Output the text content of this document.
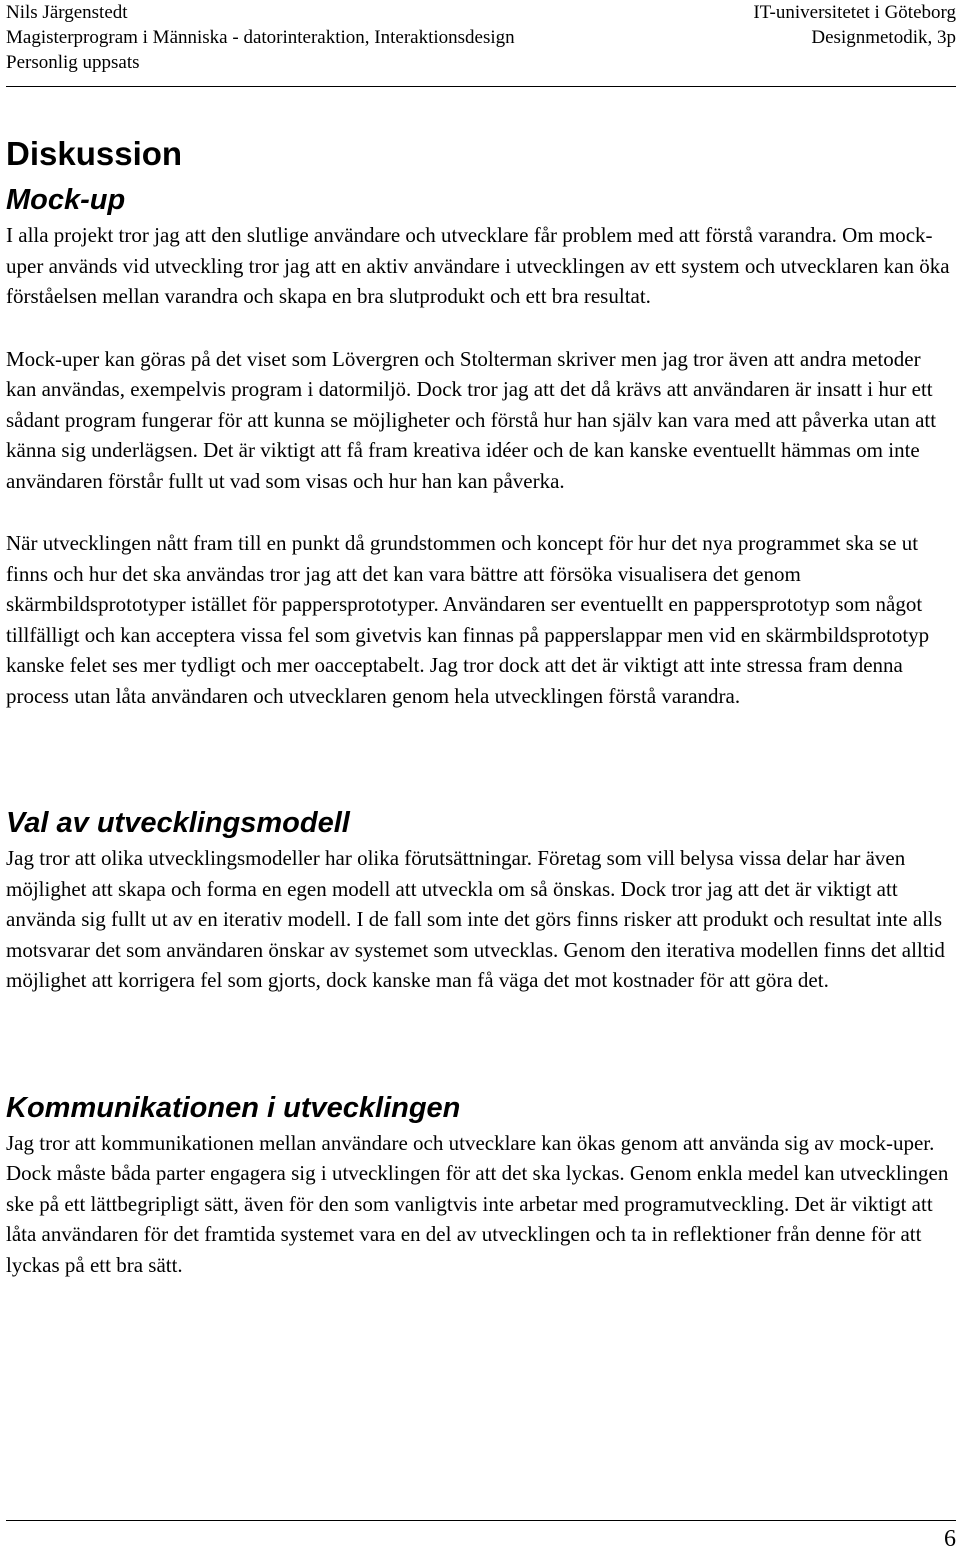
Nils Järgenstedt
Magisterprogram i Människa - datorinteraktion, Interaktionsdesign
Personlig uppsats
IT-universitetet i Göteborg
Designmetodik, 3p
Diskussion
Mock-up

I alla projekt tror jag att den slutlige användare och utvecklare får problem med att förstå varandra. Om mock-uper används vid utveckling tror jag att en aktiv användare i utvecklingen av ett system och utvecklaren kan öka förståelsen mellan varandra och skapa en bra slutprodukt och ett bra resultat.

Mock-uper kan göras på det viset som Lövergren och Stolterman skriver men jag tror även att andra metoder kan användas, exempelvis program i datormiljö. Dock tror jag att det då krävs att användaren är insatt i hur ett sådant program fungerar för att kunna se möjligheter och förstå hur han själv kan vara med att påverka utan att känna sig underlägsen. Det är viktigt att få fram kreativa idéer och de kan kanske eventuellt hämmas om inte användaren förstår fullt ut vad som visas och hur han kan påverka.

När utvecklingen nått fram till en punkt då grundstommen och koncept för hur det nya programmet ska se ut finns och hur det ska användas tror jag att det kan vara bättre att försöka visualisera det genom skärmbildsprototyper istället för pappersprototyper. Användaren ser eventuellt en pappersprototyp som något tillfälligt och kan acceptera vissa fel som givetvis kan finnas på papperslappar men vid en skärmbildsprototyp kanske felet ses mer tydligt och mer oacceptabelt. Jag tror dock att det är viktigt att inte stressa fram denna process utan låta användaren och utvecklaren genom hela utvecklingen förstå varandra.

Val av utvecklingsmodell

Jag tror att olika utvecklingsmodeller har olika förutsättningar. Företag som vill belysa vissa delar har även möjlighet att skapa och forma en egen modell att utveckla om så önskas. Dock tror jag att det är viktigt att använda sig fullt ut av en iterativ modell. I de fall som inte det görs finns risker att produkt och resultat inte alls motsvarar det som användaren önskar av systemet som utvecklas. Genom den iterativa modellen finns det alltid möjlighet att korrigera fel som gjorts, dock kanske man få väga det mot kostnader för att göra det.

Kommunikationen i utvecklingen

Jag tror att kommunikationen mellan användare och utvecklare kan ökas genom att använda sig av mock-uper. Dock måste båda parter engagera sig i utvecklingen för att det ska lyckas. Genom enkla medel kan utvecklingen ske på ett lättbegripligt sätt, även för den som vanligtvis inte arbetar med programutveckling. Det är viktigt att låta användaren för det framtida systemet vara en del av utvecklingen och ta in reflektioner från denne för att lyckas på ett bra sätt.

6
